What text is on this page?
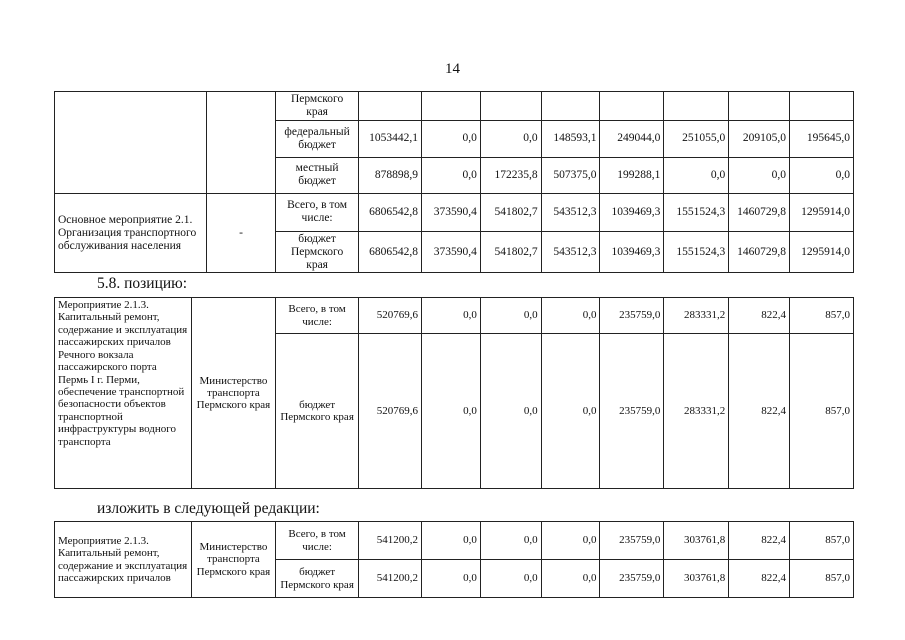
14
		Пермского края								
		федеральный бюджет	1053442,1	0,0	0,0	148593,1	249044,0	251055,0	209105,0	195645,0
		местный бюджет	878898,9	0,0	172235,8	507375,0	199288,1	0,0	0,0	0,0
Основное мероприятие 2.1. Организация транспортного обслуживания населения	-	Всего, в том числе:	6806542,8	373590,4	541802,7	543512,3	1039469,3	1551524,3	1460729,8	1295914,0
		бюджет Пермского края	6806542,8	373590,4	541802,7	543512,3	1039469,3	1551524,3	1460729,8	1295914,0
5.8. позицию:
Мероприятие 2.1.3. Капитальный ремонт, содержание и эксплуатация пассажирских причалов Речного вокзала пассажирского порта Пермь I г. Перми, обеспечение транспортной безопасности объектов транспортной инфраструктуры водного транспорта	Министерство транспорта Пермского края	Всего, в том числе:	520769,6	0,0	0,0	0,0	235759,0	283331,2	822,4	857,0
		бюджет Пермского края	520769,6	0,0	0,0	0,0	235759,0	283331,2	822,4	857,0
изложить в следующей редакции:
Мероприятие 2.1.3. Капитальный ремонт, содержание и эксплуатация пассажирских причалов	Министерство транспорта Пермского края	Всего, в том числе:	541200,2	0,0	0,0	0,0	235759,0	303761,8	822,4	857,0
		бюджет Пермского края	541200,2	0,0	0,0	0,0	235759,0	303761,8	822,4	857,0
